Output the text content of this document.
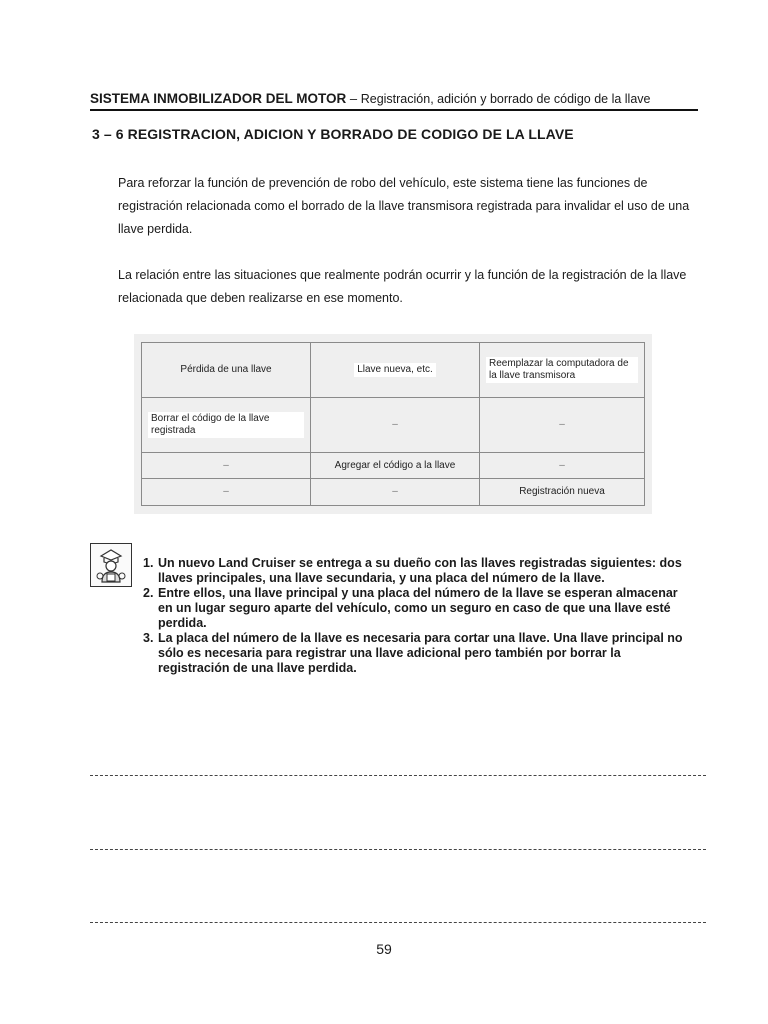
SISTEMA INMOBILIZADOR DEL MOTOR – Registración, adición y borrado de código de la llave
3 – 6 REGISTRACION, ADICION Y BORRADO DE CODIGO DE LA LLAVE

Para reforzar la función de prevención de robo del vehículo, este sistema tiene las funciones de registración relacionada como el borrado de la llave transmisora registrada para invalidar el uso de una llave perdida.

La relación entre las situaciones que realmente podrán ocurrir y la función de la registración de la llave relacionada que deben realizarse en ese momento.

Pérdida de una llave	Llave nueva, etc.	Reemplazar la computadora de la llave transmisora
Borrar el código de la llave registrada	–	–
–	Agregar el código a la llave	–
–	–	Registración nueva
1. Un nuevo Land Cruiser se entrega a su dueño con las llaves registradas siguientes: dos llaves principales, una llave secundaria, y una placa del número de la llave.
2. Entre ellos, una llave principal y una placa del número de la llave se esperan almacenar en un lugar seguro aparte del vehículo, como un seguro en caso de que una llave esté perdida.
3. La placa del número de la llave es necesaria para cortar una llave. Una llave principal no sólo es necesaria para registrar una llave adicional pero también por borrar la registración de una llave perdida.
59
